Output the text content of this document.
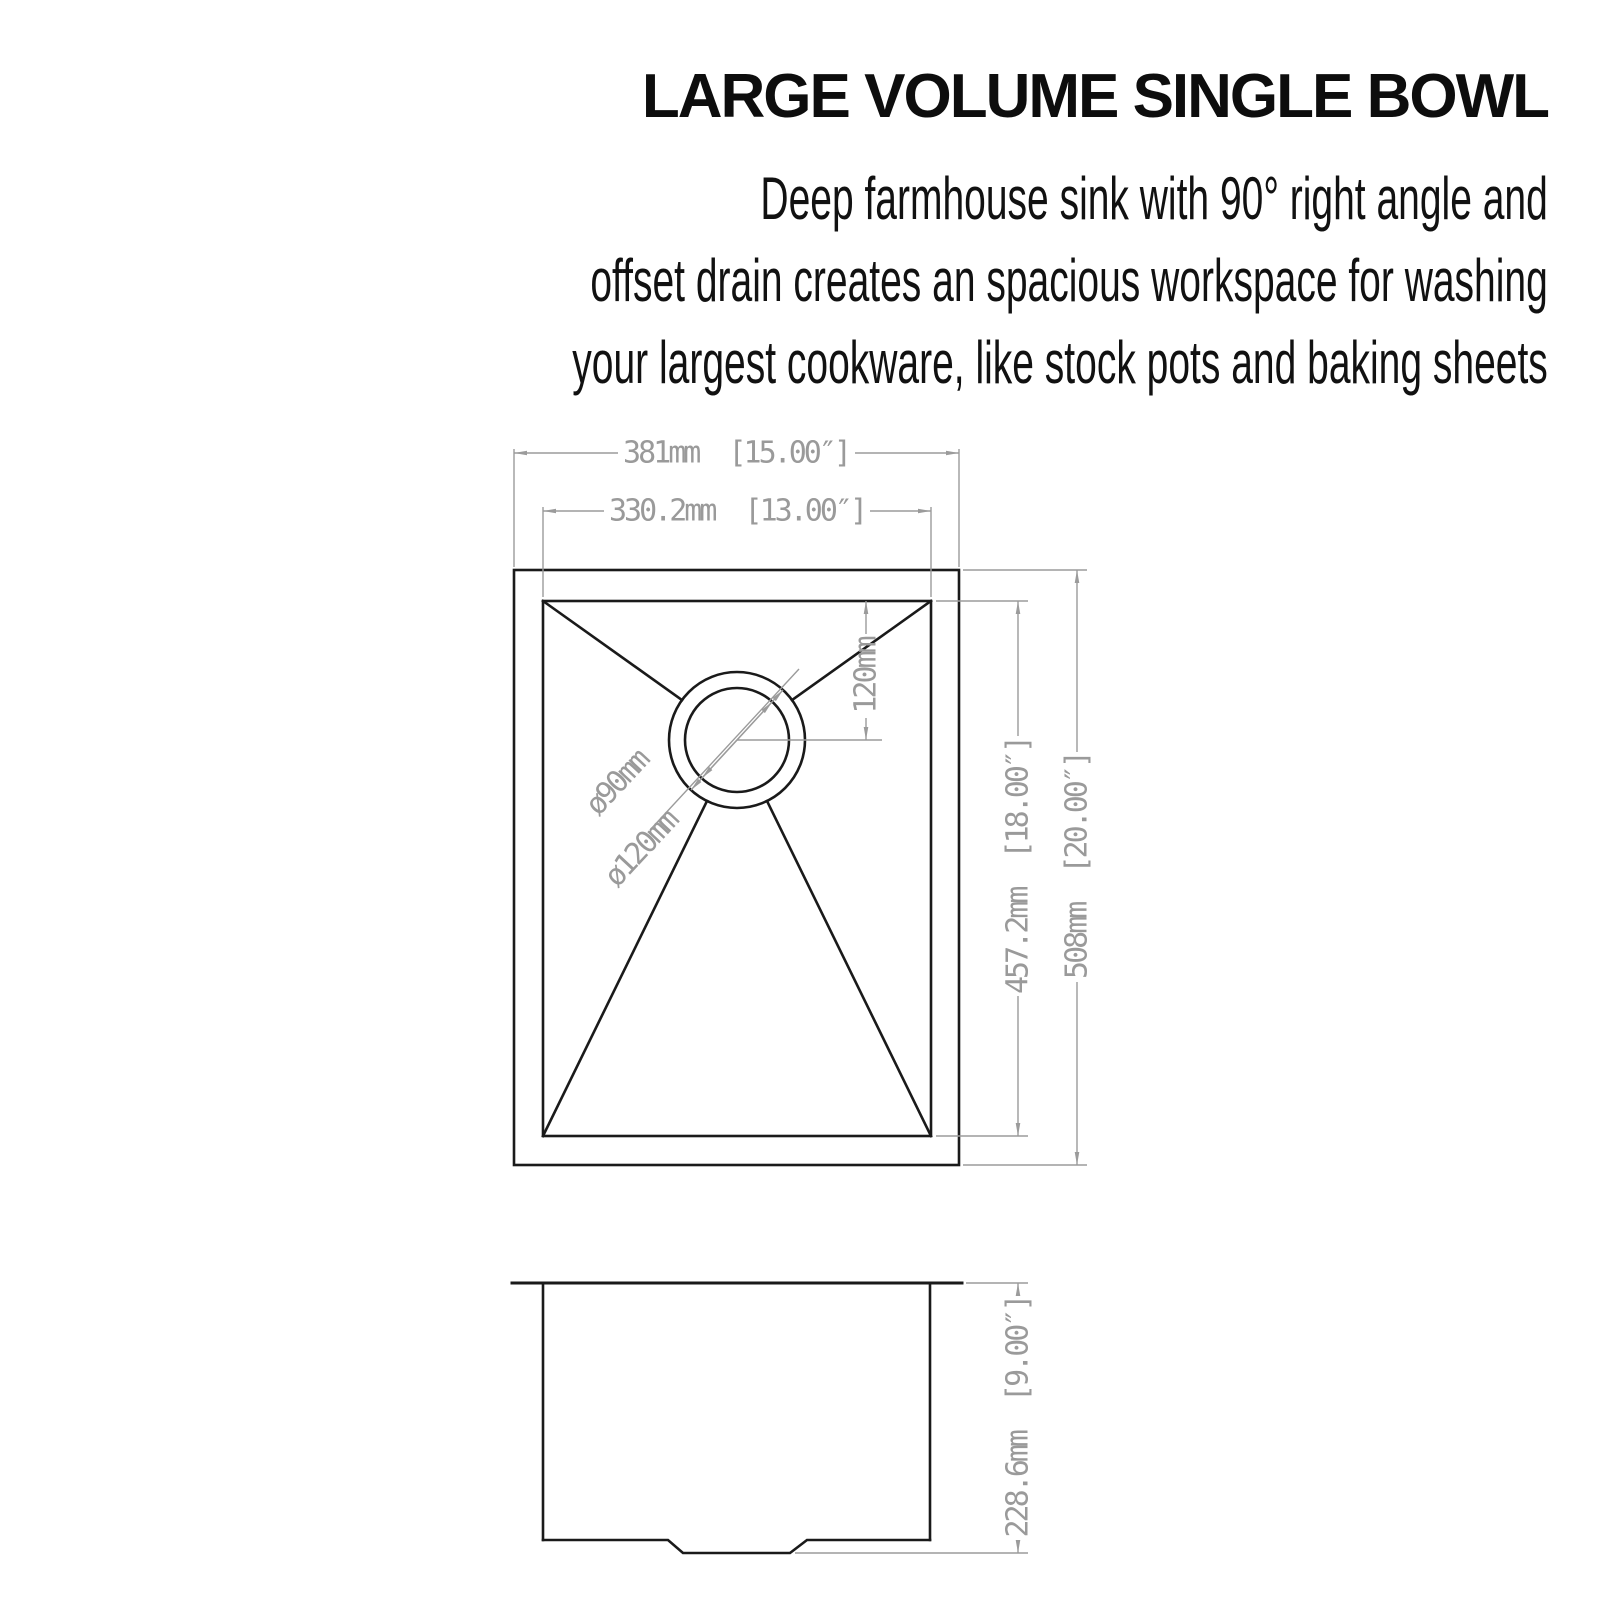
LARGE VOLUME SINGLE BOWL
Deep farmhouse sink with 90° right angle and
offset drain creates an spacious workspace for washing
your largest cookware, like stock pots and baking sheets
381mm  [15.00″]
330.2mm  [13.00″]
120mm
ø90mm
ø120mm	457.2mm  [18.00″] 508mm  [20.00″]
228.6mm  [9.00″]
